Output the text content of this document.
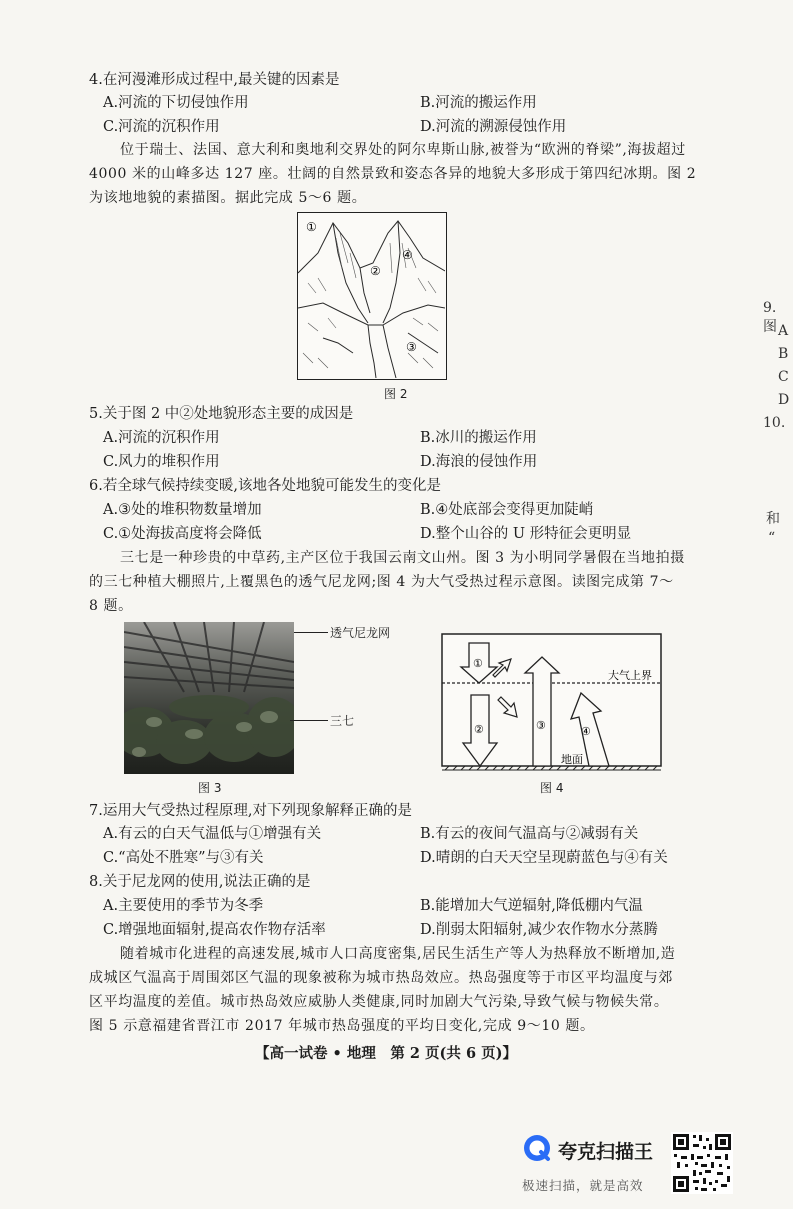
4.在河漫滩形成过程中,最关键的因素是
A.河流的下切侵蚀作用	B.河流的搬运作用
C.河流的沉积作用	D.河流的溯源侵蚀作用
位于瑞士、法国、意大利和奥地利交界处的阿尔卑斯山脉,被誉为“欧洲的脊梁”,海拔超过
4000 米的山峰多达 127 座。壮阔的自然景致和姿态各异的地貌大多形成于第四纪冰期。图 2
为该地地貌的素描图。据此完成 5～6 题。
①
②
④
③
图 2
5.关于图 2 中②处地貌形态主要的成因是
A.河流的沉积作用	B.冰川的搬运作用
C.风力的堆积作用	D.海浪的侵蚀作用
6.若全球气候持续变暖,该地各处地貌可能发生的变化是
A.③处的堆积物数量增加	B.④处底部会变得更加陡峭
C.①处海拔高度将会降低	D.整个山谷的 U 形特征会更明显
三七是一种珍贵的中草药,主产区位于我国云南文山州。图 3 为小明同学暑假在当地拍摄
的三七种植大棚照片,上覆黑色的透气尼龙网;图 4 为大气受热过程示意图。读图完成第 7～
8 题。
透气尼龙网
三七
图 3
①
②	③	④
大气上界
地面
图 4
7.运用大气受热过程原理,对下列现象解释正确的是
A.有云的白天气温低与①增强有关	B.有云的夜间气温高与②减弱有关
C.“高处不胜寒”与③有关	D.晴朗的白天天空呈现蔚蓝色与④有关
8.关于尼龙网的使用,说法正确的是
A.主要使用的季节为冬季	B.能增加大气逆辐射,降低棚内气温
C.增强地面辐射,提高农作物存活率	D.削弱太阳辐射,减少农作物水分蒸腾
随着城市化进程的高速发展,城市人口高度密集,居民生活生产等人为热释放不断增加,造
成城区气温高于周围郊区气温的现象被称为城市热岛效应。热岛强度等于市区平均温度与郊
区平均温度的差值。城市热岛效应威胁人类健康,同时加剧大气污染,导致气候与物候失常。
图 5 示意福建省晋江市 2017 年城市热岛强度的平均日变化,完成 9～10 题。
【高一试卷 • 地理　第 2 页(共 6 页)】
9. 图 A
B
C
D
10.
和
“
夸克扫描王
极速扫描，就是高效
